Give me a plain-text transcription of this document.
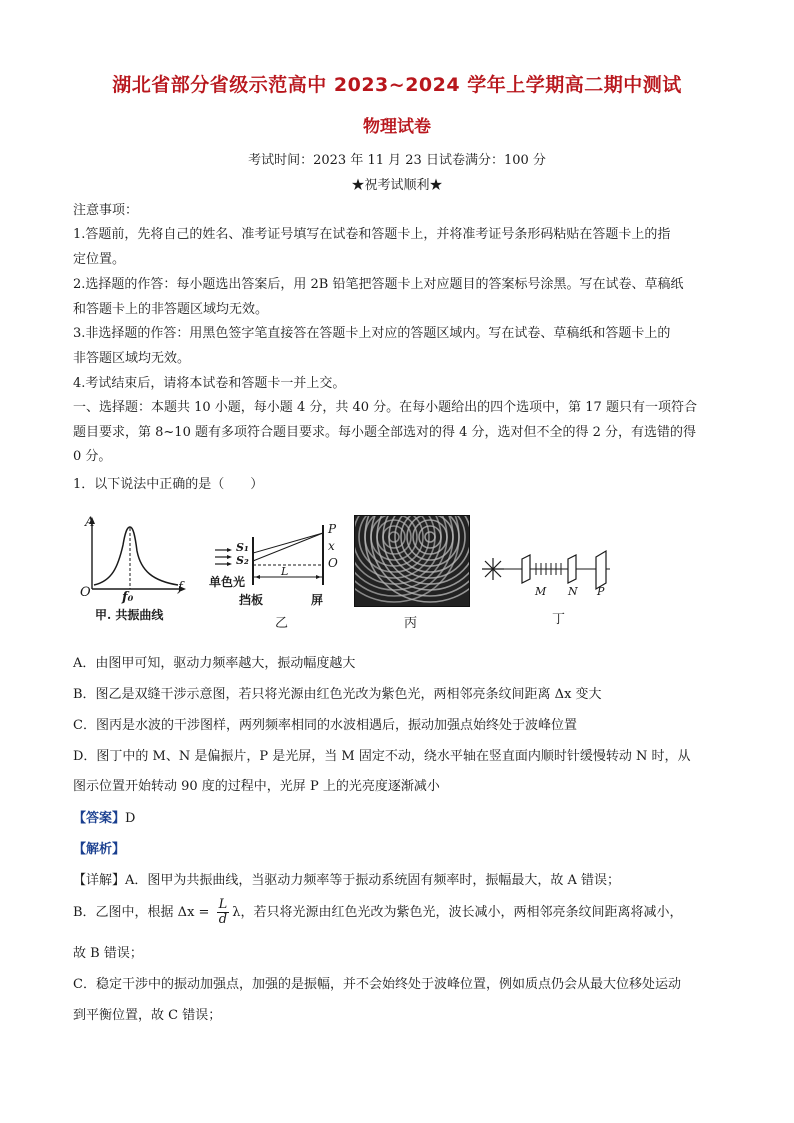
湖北省部分省级示范高中 2023~2024 学年上学期高二期中测试
物理试卷
考试时间：2023 年 11 月 23 日试卷满分：100 分
★祝考试顺利★
注意事项：
1.答题前，先将自己的姓名、准考证号填写在试卷和答题卡上，并将准考证号条形码粘贴在答题卡上的指
定位置。
2.选择题的作答：每小题选出答案后，用 2B 铅笔把答题卡上对应题目的答案标号涂黑。写在试卷、草稿纸
和答题卡上的非答题区域均无效。
3.非选择题的作答：用黑色签字笔直接答在答题卡上对应的答题区域内。写在试卷、草稿纸和答题卡上的
非答题区域均无效。
4.考试结束后，请将本试卷和答题卡一并上交。
一、选择题：本题共 10 小题，每小题 4 分，共 40 分。在每小题给出的四个选项中，第 17 题只有一项符合
题目要求，第 8~10 题有多项符合题目要求。每小题全部选对的得 4 分，选对但不全的得 2 分，有选错的得
0 分。
1．以下说法中正确的是（　　）
A
f
O f₀
甲. 共振曲线
S₁
S₂
单色光
L
P
x
O
挡板	屏
乙	丙
M N P
丁
A．由图甲可知，驱动力频率越大，振动幅度越大
B．图乙是双缝干涉示意图，若只将光源由红色光改为紫色光，两相邻亮条纹间距离 Δx 变大
C．图丙是水波的干涉图样，两列频率相同的水波相遇后，振动加强点始终处于波峰位置
D．图丁中的 M、N 是偏振片，P 是光屏，当 M 固定不动，绕水平轴在竖直面内顺时针缓慢转动 N 时，从
图示位置开始转动 90 度的过程中，光屏 P 上的光亮度逐渐减小
【答案】D
【解析】
【详解】A．图甲为共振曲线，当驱动力频率等于振动系统固有频率时，振幅最大，故 A 错误；
B．乙图中，根据 $\Delta x = \frac{L}{d}$ λ，若只将光源由红色光改为紫色光，波长减小，两相邻亮条纹间距离将减小，
故 B 错误；
C．稳定干涉中的振动加强点，加强的是振幅，并不会始终处于波峰位置，例如质点仍会从最大位移处运动
到平衡位置，故 C 错误；
